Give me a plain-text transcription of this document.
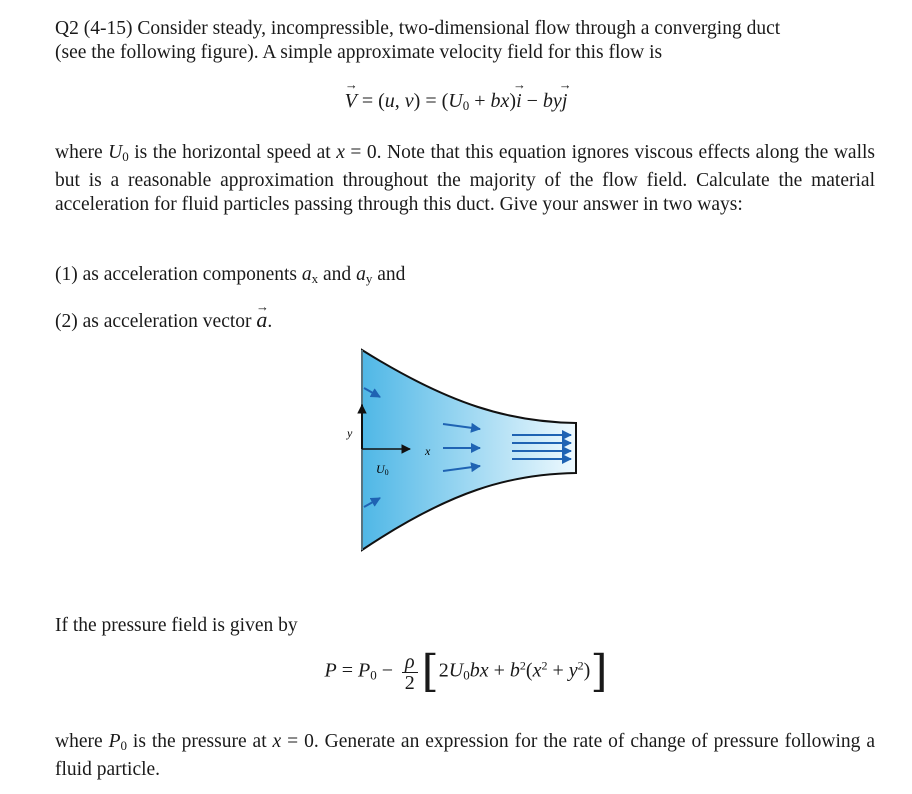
Q2 (4-15) Consider steady, incompressible, two-dimensional flow through a converging duct
(see the following figure). A simple approximate velocity field for this flow is

→ V = (u, $v) = (U_0 + bx)\to i - by\to j$

where $U_0$ is the horizontal speed at x = 0. Note that this equation ignores viscous effects along the walls but is a reasonable approximation throughout the majority of the flow field. Calculate the material acceleration for fluid particles passing through this duct. Give your answer in two ways:

(1) as acceleration components $a_x$ and $a_y$ and

(2) as acceleration vector → a.

y
x
U0

If the pressure field is given by

$P = P_0 - \frac{\rho}{2} [2U_0bx + b^2(x^2 + y^2)]$

where $P_0$ is the pressure at x = 0. Generate an expression for the rate of change of pressure following a fluid particle.
